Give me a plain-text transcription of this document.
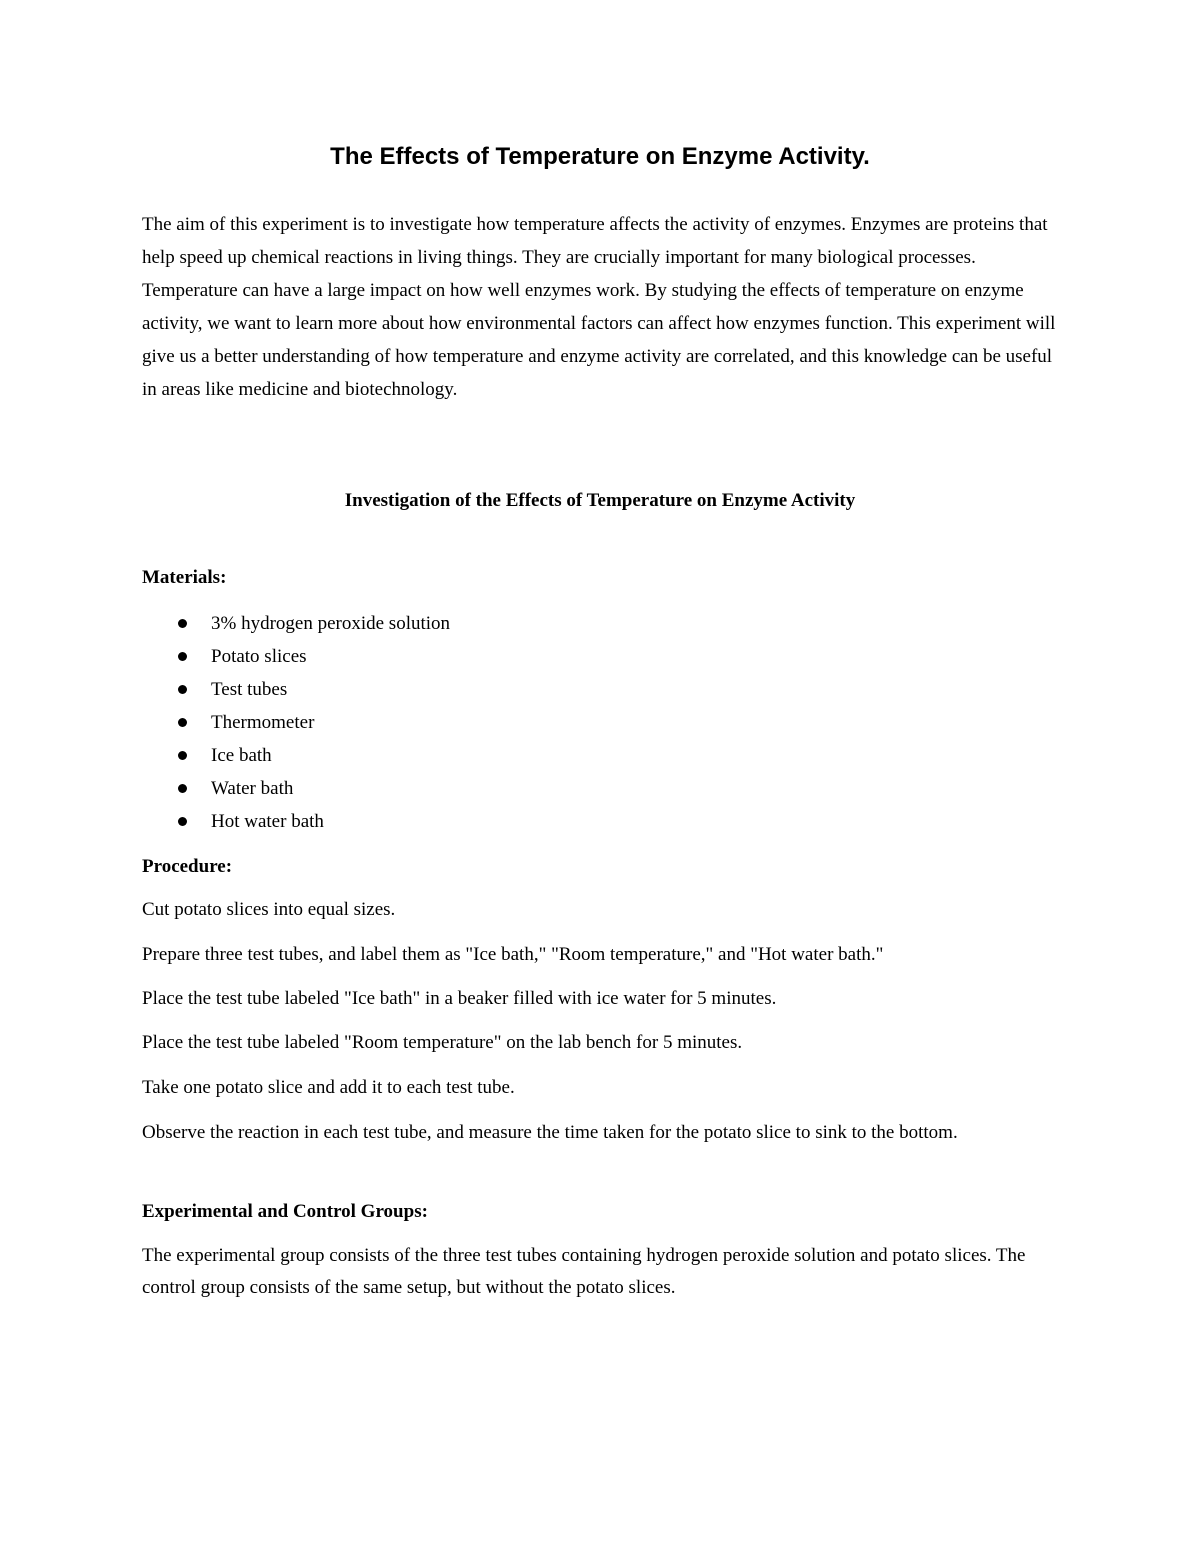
The Effects of Temperature on Enzyme Activity.

The aim of this experiment is to investigate how temperature affects the activity of enzymes. Enzymes are proteins that help speed up chemical reactions in living things. They are crucially important for many biological processes. Temperature can have a large impact on how well enzymes work. By studying the effects of temperature on enzyme activity, we want to learn more about how environmental factors can affect how enzymes function. This experiment will give us a better understanding of how temperature and enzyme activity are correlated, and this knowledge can be useful in areas like medicine and biotechnology.

Investigation of the Effects of Temperature on Enzyme Activity
Materials:
3% hydrogen peroxide solution
Potato slices
Test tubes
Thermometer
Ice bath
Water bath
Hot water bath
Procedure:

Cut potato slices into equal sizes.

Prepare three test tubes, and label them as "Ice bath," "Room temperature," and "Hot water bath."

Place the test tube labeled "Ice bath" in a beaker filled with ice water for 5 minutes.

Place the test tube labeled "Room temperature" on the lab bench for 5 minutes.

Take one potato slice and add it to each test tube.

Observe the reaction in each test tube, and measure the time taken for the potato slice to sink to the bottom.

Experimental and Control Groups:

The experimental group consists of the three test tubes containing hydrogen peroxide solution and potato slices. The control group consists of the same setup, but without the potato slices.
